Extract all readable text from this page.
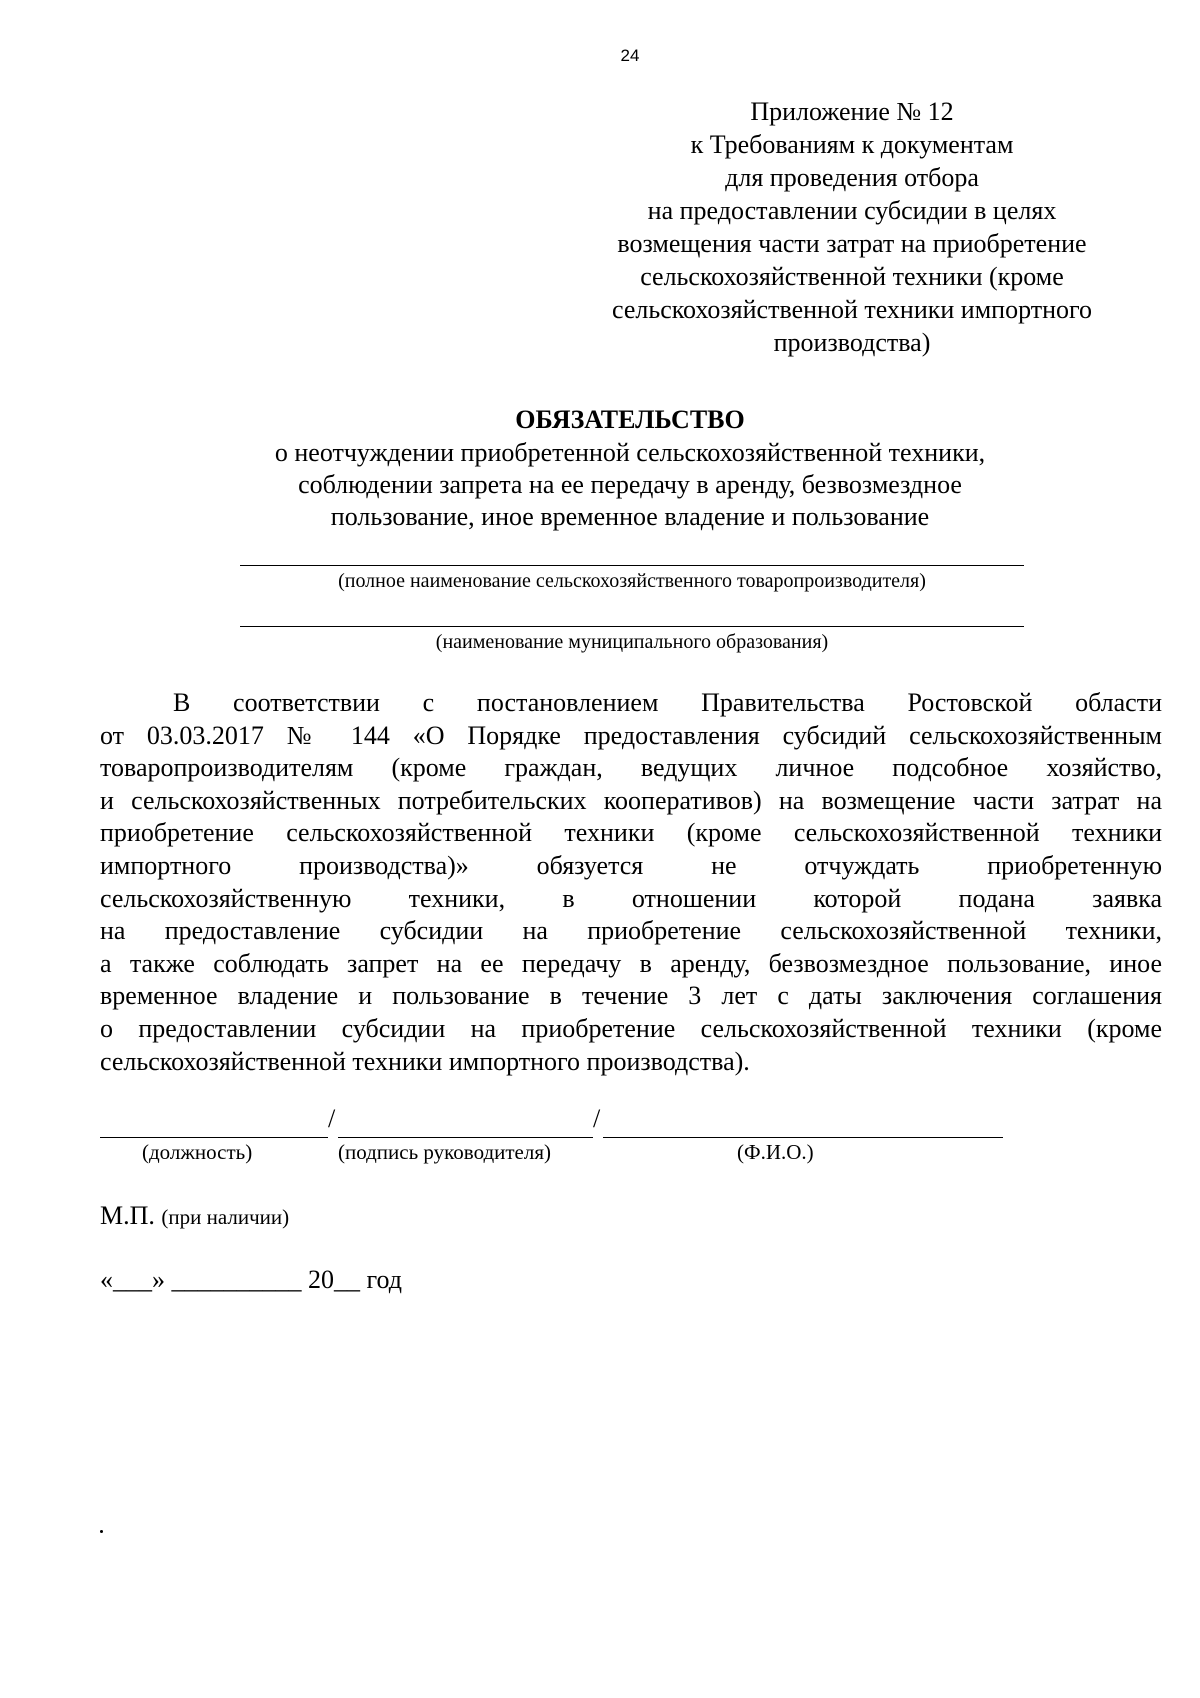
24
Приложение № 12
к Требованиям к документам
для проведения отбора
на предоставлении субсидии в целях
возмещения части затрат на приобретение
сельскохозяйственной техники (кроме
сельскохозяйственной техники импортного
производства)
ОБЯЗАТЕЛЬСТВО
о неотчуждении приобретенной сельскохозяйственной техники,
соблюдении запрета на ее передачу в аренду, безвозмездное
пользование, иное временное владение и пользование
(полное наименование сельскохозяйственного товаропроизводителя)
(наименование муниципального образования)
В соответствии с постановлением Правительства Ростовской области
от 03.03.2017 № 144 «О Порядке предоставления субсидий сельскохозяйственным
товаропроизводителям (кроме граждан, ведущих личное подсобное хозяйство,
и сельскохозяйственных потребительских кооперативов) на возмещение части затрат на
приобретение сельскохозяйственной техники (кроме сельскохозяйственной техники
импортного производства)» обязуется не отчуждать приобретенную
сельскохозяйственную техники, в отношении которой подана заявка
на предоставление субсидии на приобретение сельскохозяйственной техники,
а также соблюдать запрет на ее передачу в аренду, безвозмездное пользование, иное
временное владение и пользование в течение 3 лет с даты заключения соглашения
о предоставлении субсидии на приобретение сельскохозяйственной техники (кроме
сельскохозяйственной техники импортного производства).
/	/
(должность)	(подпись руководителя)	(Ф.И.О.)
М.П. (при наличии)
«___» __________ 20__ год
